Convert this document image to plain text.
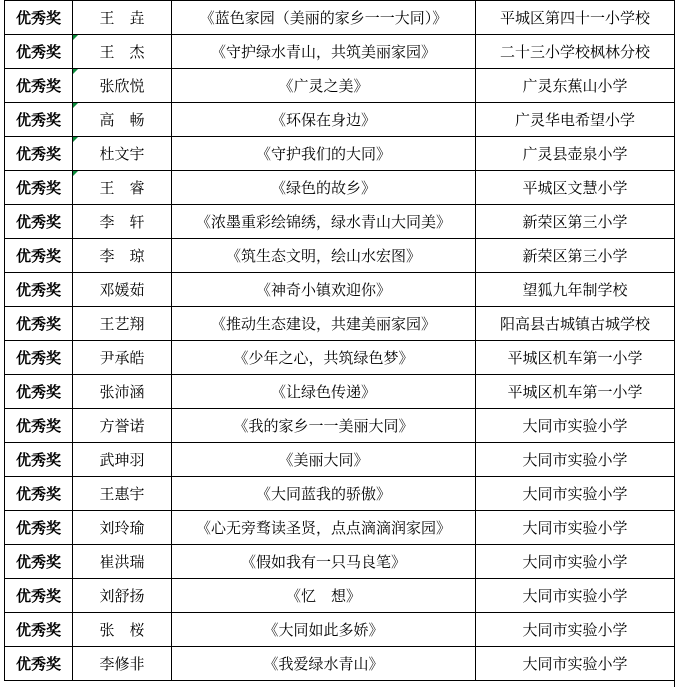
优秀奖	王　垚	《蓝色家园（美丽的家乡一一大同）》	平城区第四十一小学校
优秀奖	王　杰	《守护绿水青山，共筑美丽家园》	二十三小学校枫林分校
优秀奖	张欣悦	《广灵之美》	广灵东蕉山小学
优秀奖	高　畅	《环保在身边》	广灵华电希望小学
优秀奖	杜文宇	《守护我们的大同》	广灵县壶泉小学
优秀奖	王　睿	《绿色的故乡》	平城区文慧小学
优秀奖	李　轩	《浓墨重彩绘锦绣，绿水青山大同美》	新荣区第三小学
优秀奖	李　琼	《筑生态文明，绘山水宏图》	新荣区第三小学
优秀奖	邓媛茹	《神奇小镇欢迎你》	望狐九年制学校
优秀奖	王艺翔	《推动生态建设，共建美丽家园》	阳高县古城镇古城学校
优秀奖	尹承皓	《少年之心，共筑绿色梦》	平城区机车第一小学
优秀奖	张沛涵	《让绿色传递》	平城区机车第一小学
优秀奖	方誉诺	《我的家乡一一美丽大同》	大同市实验小学
优秀奖	武珅羽	《美丽大同》	大同市实验小学
优秀奖	王惠宇	《大同蓝我的骄傲》	大同市实验小学
优秀奖	刘玲瑜	《心无旁骛读圣贤，点点滴滴润家园》	大同市实验小学
优秀奖	崔洪瑞	《假如我有一只马良笔》	大同市实验小学
优秀奖	刘舒扬	《忆　想》	大同市实验小学
优秀奖	张　桜	《大同如此多娇》	大同市实验小学
优秀奖	李修非	《我爱绿水青山》	大同市实验小学
